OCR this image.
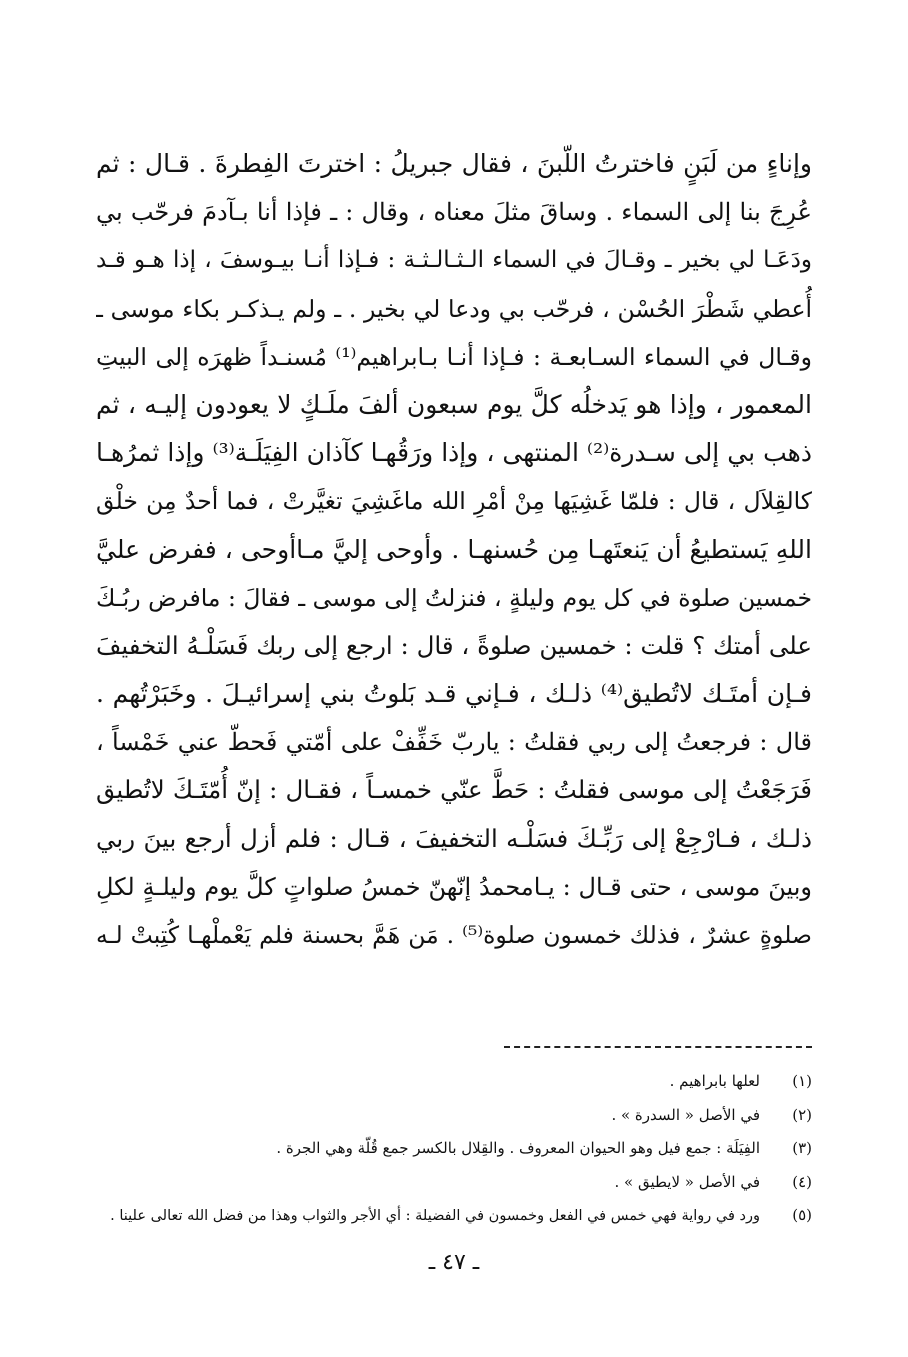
وإناءٍ من لَبَنٍ فاخترتُ اللّبنَ ، فقال جبريلُ : اخترتَ الفِطرةَ . قـال : ثم
عُرِجَ بنا إلى السماء . وساقَ مثلَ معناه ، وقال : ـ فإذا أنا بـآدمَ فرحّب بي
ودَعَـا لي بخير ـ وقـالَ في السماء الـثـالـثـة : فـإذا أنـا بيـوسفَ ، إذا هـو قـد
أُعطي شَطْرَ الحُسْن ، فرحّب بي ودعا لي بخير . ـ ولم يـذكـر بكاء موسى ـ
وقـال في السماء السـابعـة : فـإذا أنـا بـابراهيم⁽¹⁾ مُسنـداً ظهرَه إلى البيتِ
المعمور ، وإذا هو يَدخلُه كلَّ يوم سبعون ألفَ ملَـكٍ لا يعودون إليـه ، ثم
ذهب بي إلى سـدرة⁽²⁾ المنتهى ، وإذا ورَقُهـا كآذان الفِيَلَـة⁽³⁾ وإذا ثمرُهـا
كالقِلاَل ، قال : فلمّا غَشِيَها مِنْ أمْرِ الله ماغَشِيَ تغيَّرتْ ، فما أحدٌ مِن خلْق
اللهِ يَستطيعُ أن يَنعتَهـا مِن حُسنهـا . وأوحى إليَّ مـاأوحى ، ففرض عليَّ
خمسين صلوة في كل يوم وليلةٍ ، فنزلتُ إلى موسى ـ فقالَ : مافرض ربُـكَ
على أمتك ؟ قلت : خمسين صلوةً ، قال : ارجع إلى ربك فَسَلْـهُ التخفيفَ
فـإن أمتَـك لاتُطيق⁽⁴⁾ ذلـك ، فـإني قـد بَلوتُ بني إسرائيـلَ . وخَبَرْتُهم .
قال : فرجعتُ إلى ربي فقلتُ : ياربّ خَفِّفْ على أمّتي فَحطّ عني خَمْساً ،
فَرَجَعْتُ إلى موسى فقلتُ : حَطَّ عنّي خمسـاً ، فقـال : إنّ أُمّتَـكَ لاتُطيق
ذلـك ، فـارْجِعْ إلى رَبِّـكَ فسَلْـه التخفيفَ ، قـال : فلم أزل أرجع بينَ ربي
وبينَ موسى ، حتى قـال : يـامحمدُ إنّهنّ خمسُ صلواتٍ كلَّ يوم وليلـةٍ لكلِ
صلوةٍ عشرٌ ، فذلك خمسون صلوة⁽⁵⁾ . مَن هَمَّ بحسنة فلم يَعْملْهـا كُتِبتْ لـه
(١)
لعلها بابراهيم .
(٢)
في الأصل « السدرة » .
(٣)
الفِيَلَة : جمع فيل وهو الحيوان المعروف . والقِلال بالكسر جمع قُلّة وهي الجرة .
(٤)
في الأصل « لايطيق » .
(٥)
ورد في رواية فهي خمس في الفعل وخمسون في الفضيلة : أي الأجر والثواب وهذا من فضل الله تعالى علينا .
ـ ٤٧ ـ
